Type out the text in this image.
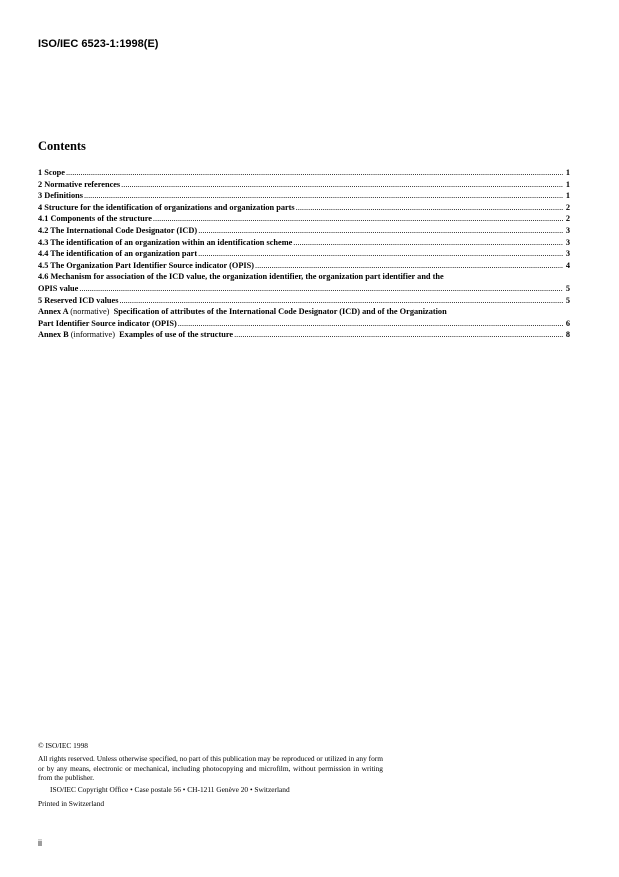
ISO/IEC 6523-1:1998(E)
Contents
1 Scope .....	1
2 Normative references .....	1
3 Definitions .....	1
4 Structure for the identification of organizations and organization parts .....	2
4.1 Components of the structure .....	2
4.2 The International Code Designator (ICD) .....	3
4.3 The identification of an organization within an identification scheme .....	3
4.4 The identification of an organization part .....	3
4.5 The Organization Part Identifier Source indicator (OPIS) .....	4
4.6 Mechanism for association of the ICD value, the organization identifier, the organization part identifier and the
OPIS value .....	5
5 Reserved ICD values .....	5
Annex A (normative) Specification of attributes of the International Code Designator (ICD) and of the Organization
Part Identifier Source indicator (OPIS) .....	6
Annex B (informative) Examples of use of the structure .....	8

© ISO/IEC 1998

All rights reserved. Unless otherwise specified, no part of this publication may be reproduced or utilized in any form or by any means, electronic or mechanical, including photocopying and microfilm, without permission in writing from the publisher.

ISO/IEC Copyright Office • Case postale 56 • CH-1211 Genève 20 • Switzerland

Printed in Switzerland

ii
